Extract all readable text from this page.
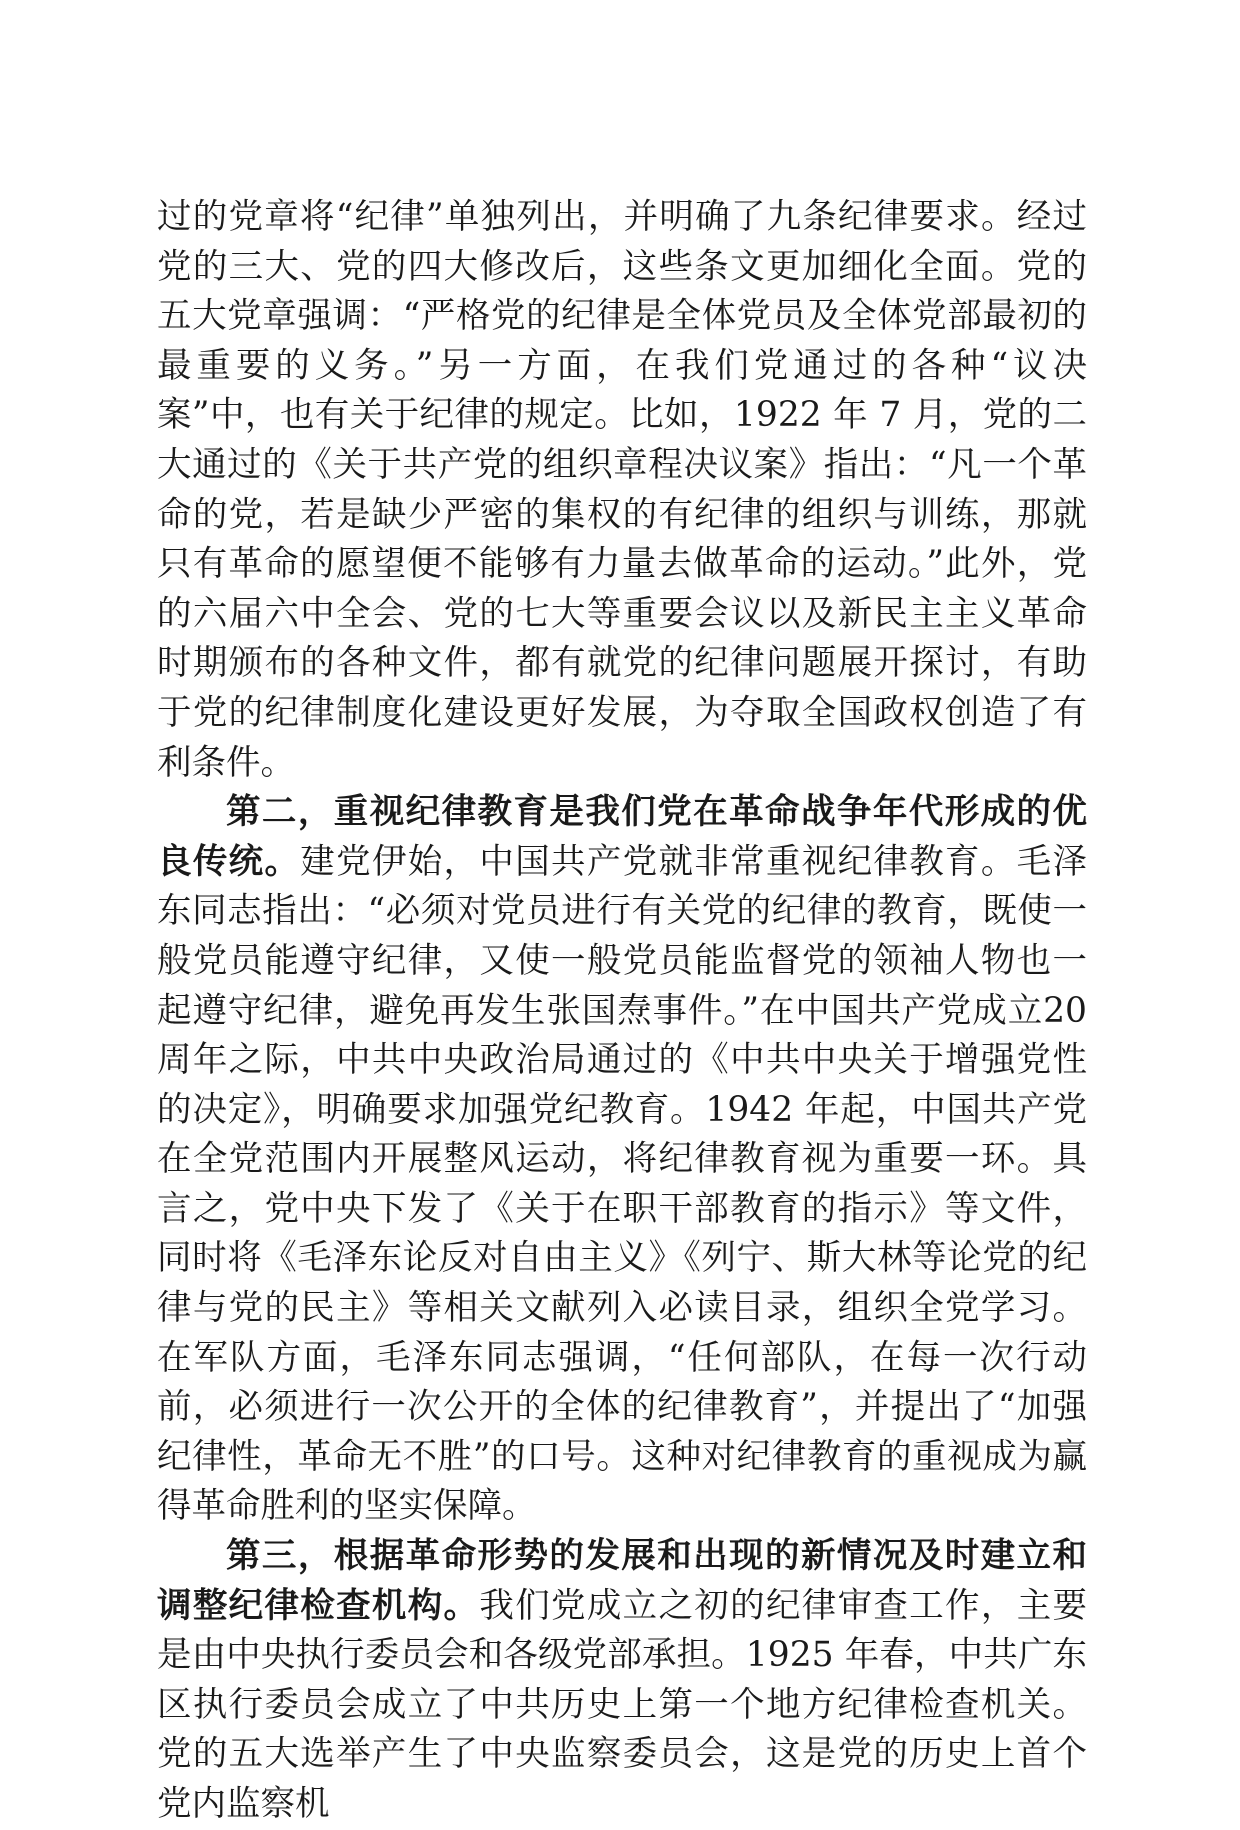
过的党章将“纪律”单独列出，并明确了九条纪律要求。经过党的三大、党的四大修改后，这些条文更加细化全面。党的五大党章强调：“严格党的纪律是全体党员及全体党部最初的最重要的义务。”另一方面，在我们党通过的各种“议决案”中，也有关于纪律的规定。比如，1922 年 7 月，党的二大通过的《关于共产党的组织章程决议案》指出：“凡一个革命的党，若是缺少严密的集权的有纪律的组织与训练，那就只有革命的愿望便不能够有力量去做革命的运动。”此外，党的六届六中全会、党的七大等重要会议以及新民主主义革命时期颁布的各种文件，都有就党的纪律问题展开探讨，有助于党的纪律制度化建设更好发展，为夺取全国政权创造了有利条件。

第二，重视纪律教育是我们党在革命战争年代形成的优良传统。建党伊始，中国共产党就非常重视纪律教育。毛泽东同志指出：“必须对党员进行有关党的纪律的教育，既使一般党员能遵守纪律，又使一般党员能监督党的领袖人物也一起遵守纪律，避免再发生张国焘事件。”在中国共产党成立20 周年之际，中共中央政治局通过的《中共中央关于增强党性的决定》，明确要求加强党纪教育。1942 年起，中国共产党在全党范围内开展整风运动，将纪律教育视为重要一环。具言之，党中央下发了《关于在职干部教育的指示》等文件，同时将《毛泽东论反对自由主义》《列宁、斯大林等论党的纪律与党的民主》等相关文献列入必读目录，组织全党学习。在军队方面，毛泽东同志强调，“任何部队，在每一次行动前，必须进行一次公开的全体的纪律教育”，并提出了“加强纪律性，革命无不胜”的口号。这种对纪律教育的重视成为赢得革命胜利的坚实保障。

第三，根据革命形势的发展和出现的新情况及时建立和调整纪律检查机构。我们党成立之初的纪律审查工作，主要是由中央执行委员会和各级党部承担。1925 年春，中共广东区执行委员会成立了中共历史上第一个地方纪律检查机关。党的五大选举产生了中央监察委员会，这是党的历史上首个党内监察机
